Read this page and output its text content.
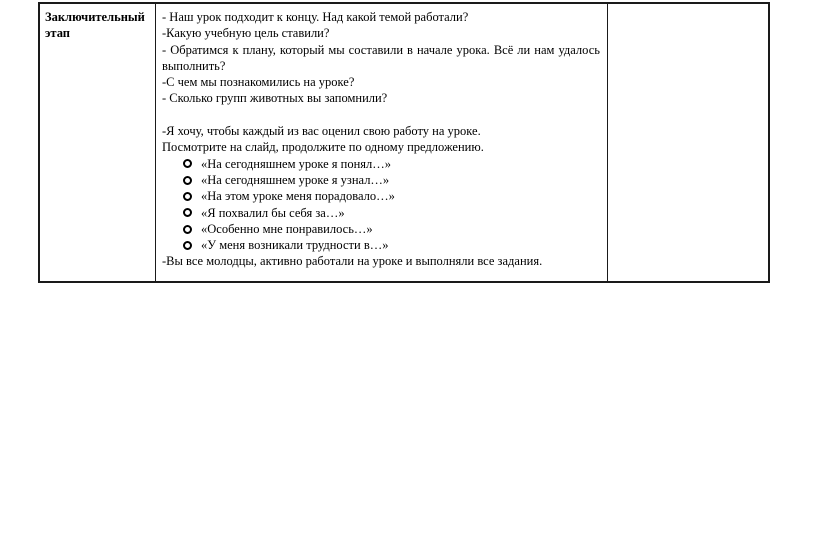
Заключительный этап

- Наш урок подходит к концу. Над какой темой работали?

-Какую учебную цель ставили?

- Обратимся к плану, который мы составили в начале урока. Всё ли нам удалось выполнить?

-С чем мы познакомились на уроке?

- Сколько групп животных вы запомнили?

-Я хочу, чтобы каждый из вас оценил свою работу на уроке.

Посмотрите на слайд, продолжите по одному предложению.

«На сегодняшнем уроке я понял…»
«На сегодняшнем уроке я узнал…»
«На этом уроке меня порадовало…»
«Я похвалил бы себя за…»
«Особенно мне понравилось…»
«У меня возникали трудности в…»

-Вы все молодцы, активно работали на уроке и выполняли все задания.
